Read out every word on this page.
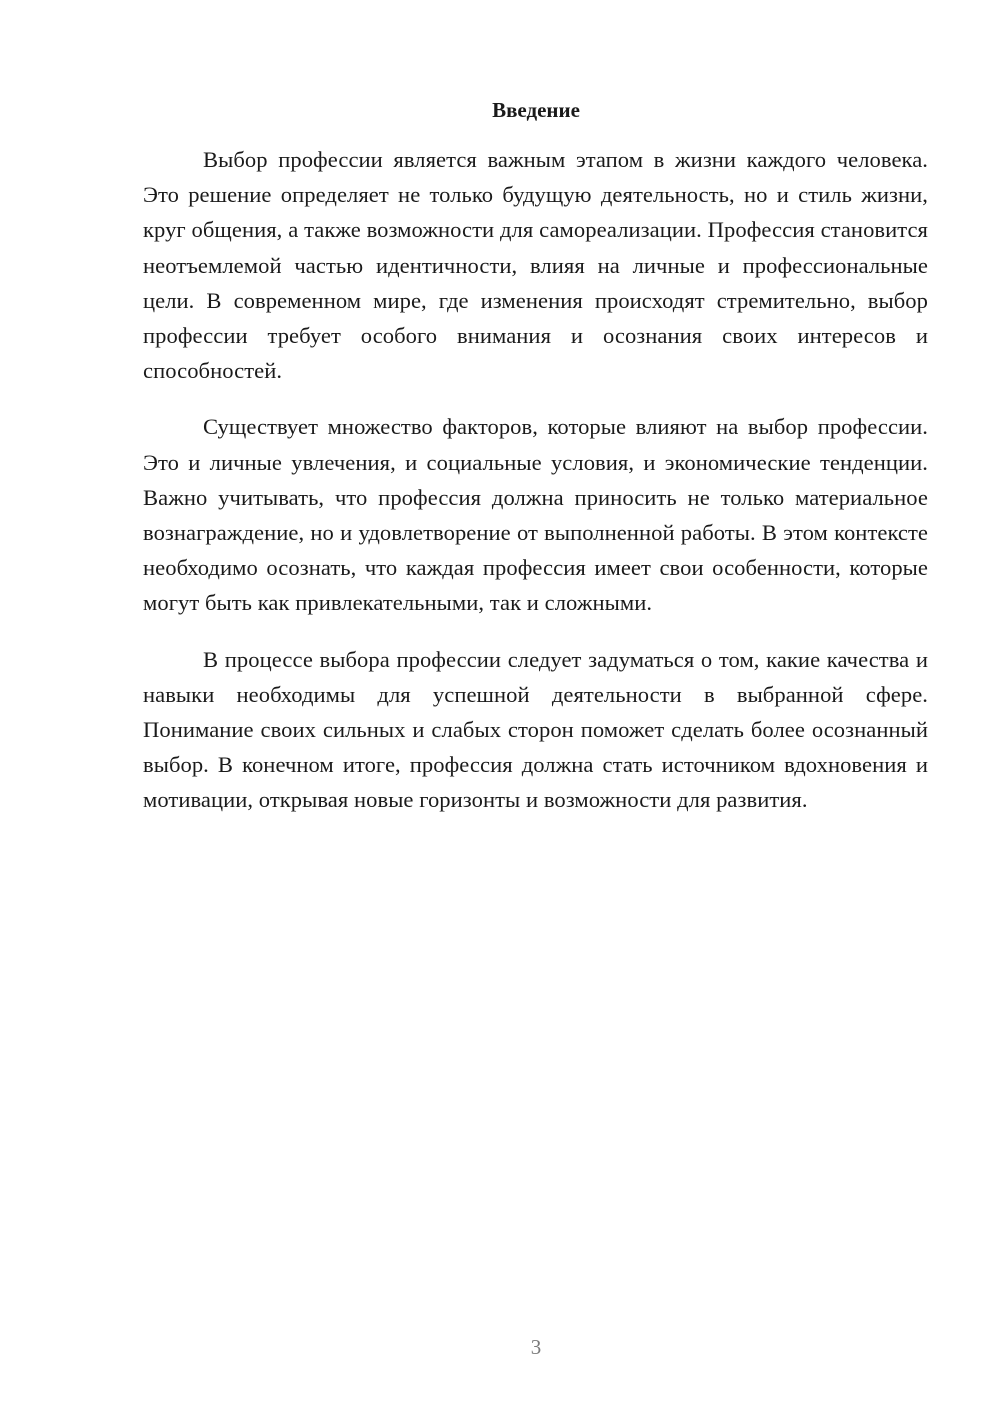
Введение

Выбор профессии является важным этапом в жизни каждого человека. Это решение определяет не только будущую деятельность, но и стиль жизни, круг общения, а также возможности для самореализации. Профессия становится неотъемлемой частью идентичности, влияя на личные и профессиональные цели. В современном мире, где изменения происходят стремительно, выбор профессии требует особого внимания и осознания своих интересов и способностей.

Существует множество факторов, которые влияют на выбор профессии. Это и личные увлечения, и социальные условия, и экономические тенденции. Важно учитывать, что профессия должна приносить не только материальное вознаграждение, но и удовлетворение от выполненной работы. В этом контексте необходимо осознать, что каждая профессия имеет свои особенности, которые могут быть как привлекательными, так и сложными.

В процессе выбора профессии следует задуматься о том, какие качества и навыки необходимы для успешной деятельности в выбранной сфере. Понимание своих сильных и слабых сторон поможет сделать более осознанный выбор. В конечном итоге, профессия должна стать источником вдохновения и мотивации, открывая новые горизонты и возможности для развития.

3
